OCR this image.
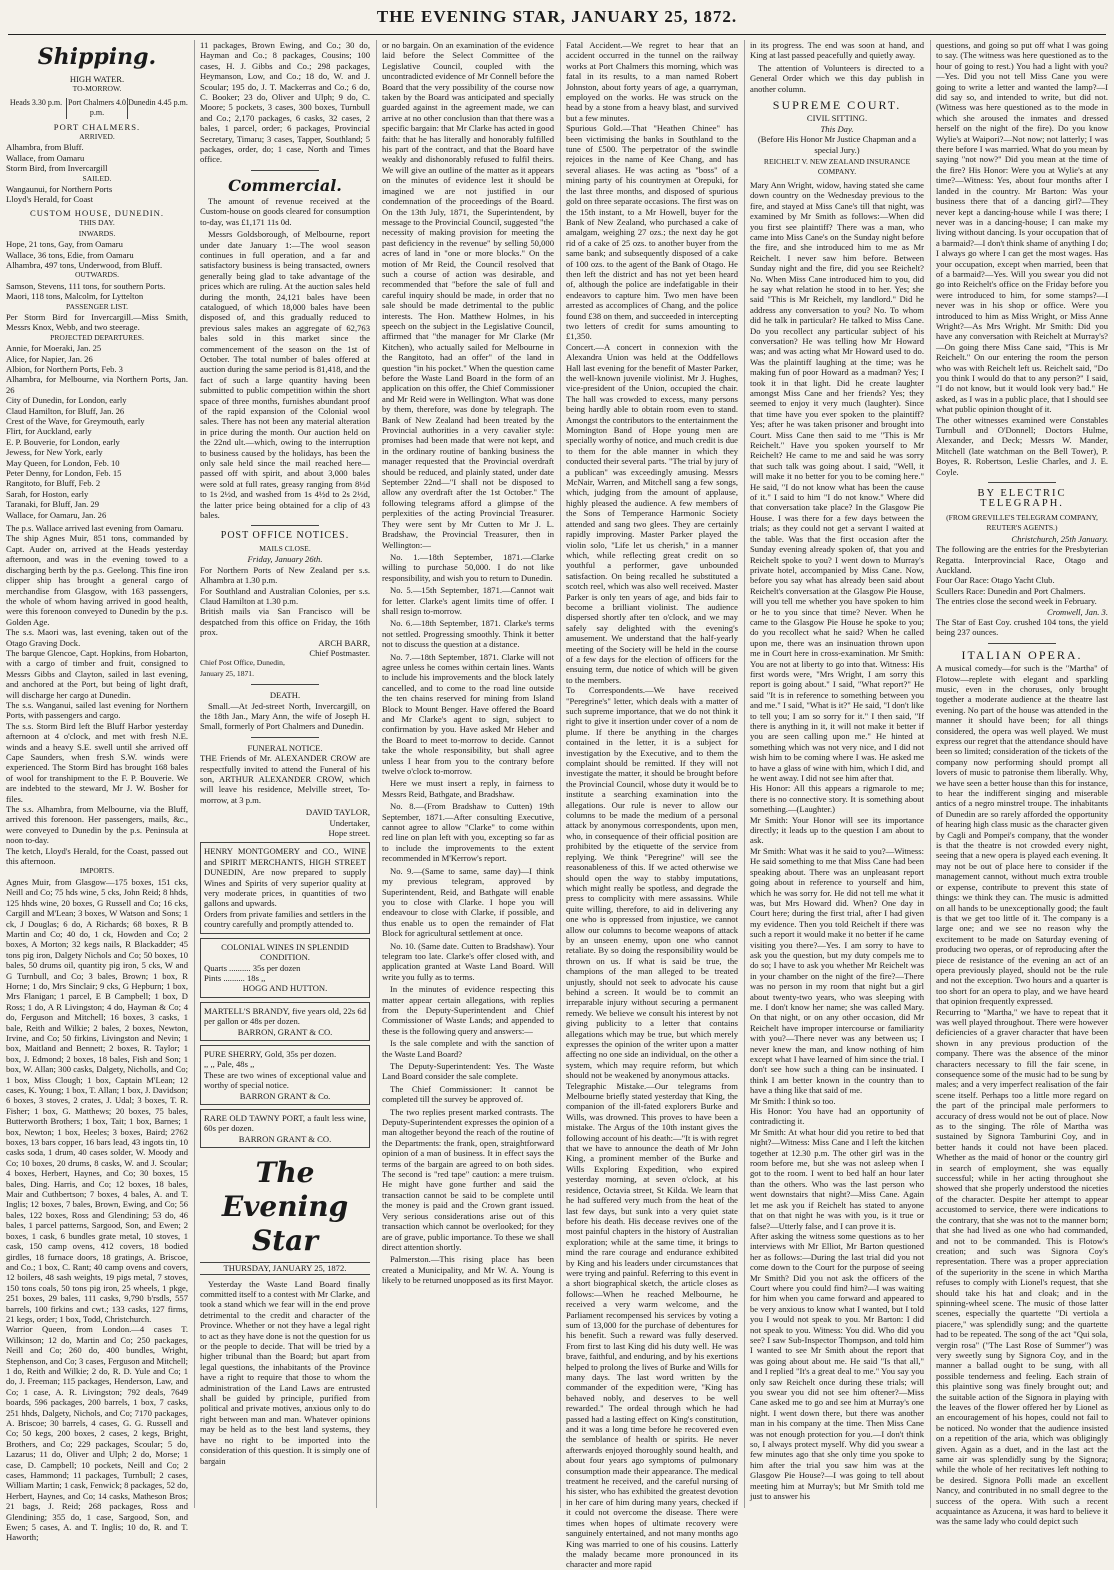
THE EVENING STAR, JANUARY 25, 1872.
Shipping.
HIGH WATER.
TO-MORROW.
Heads 3.30 p.m. Port Chalmers 4.0 p.m.
Dunedin 4.45 p.m.
PORT CHALMERS.
ARRIVED.
Alhambra, from Bluff.
Wallace, from Oamaru
Storm Bird, from Invercargill
SAILED.
Wangaunui, for Northern Ports
Lloyd's Herald, for Coast
CUSTOM HOUSE, DUNEDIN.
THIS DAY.
INWARDS.
Hope, 21 tons, Gay, from Oamaru
Wallace, 36 tons, Edie, from Oamaru
Alhambra, 497 tons, Underwood, from Bluff.
OUTWARDS.
Samson, Stevens, 111 tons, for southern Ports.
Maori, 118 tons, Malcolm, for Lyttelton
PASSENGER LIST.
Per Storm Bird for Invercargill.—Miss Smith, Messrs Knox, Webb, and two steerage.
PROJECTED DEPARTURES.
Annie, for Moeraki, Jan. 25
Alice, for Napier, Jan. 26
Albion, for Northern Ports, Feb. 3
Alhambra, for Melbourne, via Northern Ports, Jan. 26
City of Dunedin, for London, early
Claud Hamilton, for Bluff, Jan. 26
Crest of the Wave, for Greymouth, early
Flirt, for Auckland, early
E. P. Bouverie, for London, early
Jewess, for New York, early
May Queen, for London, Feb. 10
Peter Denny, for London, Feb. 15
Rangitoto, for Bluff, Feb. 2
Sarah, for Hoston, early
Taranaki, for Bluff, Jan. 29
Wallace, for Oamaru, Jan. 26
The p.s. Wallace arrived last evening from Oamaru.
The ship Agnes Muir, 851 tons, commanded by Capt. Auder on, arrived at the Heads yesterday afternoon, and was in the evening towed to a discharging berth by the p.s. Geelong. This fine iron clipper ship has brought a general cargo of merchandise from Glasgow, with 163 passengers, the whole of whom having arrived in good health, were this forenoon conveyed to Dunedin by the p.s. Golden Age.
The s.s. Maori was, last evening, taken out of the Otago Graving Dock.
The barque Glencoe, Capt. Hopkins, from Hobarton, with a cargo of timber and fruit, consigned to Messrs Gibbs and Clayton, sailed in last evening, and anchored at the Port, but being of light draft, will discharge her cargo at Dunedin.
The s.s. Wanganui, sailed last evening for Northern Ports, with passengers and cargo.
The s.s. Storm Bird left the Bluff Harbor yesterday afternoon at 4 o'clock, and met with fresh N.E. winds and a heavy S.E. swell until she arrived off Cape Saunders, when fresh S.W. winds were experienced. The Storm Bird has brought 168 bales of wool for transhipment to the F. P. Bouverie. We are indebted to the steward, Mr J. W. Bosher for files.
The s.s. Alhambra, from Melbourne, via the Bluff, arrived this forenoon. Her passengers, mails, &c., were conveyed to Dunedin by the p.s. Peninsula at noon to-day.
The ketch, Lloyd's Herald, for the Coast, passed out this afternoon.
IMPORTS.
Agnes Muir, from Glasgow—175 boxes, 151 cks, Neill and Co; 75 hds wine, 5 cks, John Reid; 8 hhds, 125 hhds wine, 20 boxes, G Russell and Co; 16 cks, Cargill and M'Lean; 3 boxes, W Watson and Sons; 1 ck, J Douglas; 6 do, A Richards; 68 boxes, R B Martin and Co; 40 do, 1 ck, Howden and Co; 2 boxes, A Morton; 32 kegs nails, R Blackadder; 45 tons pig iron, Dalgety Nichols and Co; 50 boxes, 10 bales, 50 drums oil, quantity pig iron, 5 cks, W and G Turnbull, and Co; 3 bales, Brown; 1 box, R Horne; 1 do, Mrs Sinclair; 9 cks, G Hepburn; 1 box, Mrs Flanigan; 1 parcel, E B Campbell; 1 box, D Ross; 1 do, A R Livingston; 4 do, Hayman & Co; 4 do, Ferguson and Mitchell; 16 boxes, 3 casks, 1 bale, Reith and Wilkie; 2 bales, 2 boxes, Newton, Irvine, and Co; 50 firkins, Livingston and Nevin; 1 box, Maitland and Bennett; 2 boxes, R. Taylor; 1 box, J. Edmond; 2 boxes, 18 bales, Fish and Son; 1 box, W. Allan; 300 casks, Dalgety, Nicholls, and Co; 1 box, Miss Clough; 1 box, Captain M'Lean; 12 cases, K. Young; 1 box, T. Allan; 1 box, J. Davidson; 6 boxes, 3 stoves, 2 crates, J. Udal; 3 boxes, T. R. Fisher; 1 box, G. Matthews; 20 boxes, 75 bales, Butterworth Brothers; 1 box, Tait; 1 box, Barnes; 1 box, Newton; 1 box, Heeles; 3 boxes, Baird; 2762 boxes, 13 bars copper, 16 bars lead, 43 ingots tin, 10 casks soda, 1 drum, 40 cases solder, W. Moody and Co; 10 boxes, 20 drums, 8 casks, W. and J. Scoular; 4 boxes, Herbert, Haynes, and Co; 30 boxes, 15 bales, Ding. Harris, and Co; 12 boxes, 18 bales, Mair and Cuthbertson; 7 boxes, 4 bales, A. and T. Inglis; 12 boxes, 7 bales, Brown, Ewing, and Co; 56 bales, 122 boxes, Ross and Glendining; 53 do, 46 bales, 1 parcel patterns, Sargood, Son, and Ewen; 2 boxes, 1 cask, 6 bundles grate metal, 10 stoves, 1 cask, 150 camp ovens, 412 covers, 18 bodied girdles, 18 furnace doors, 18 gratings, A. Briscoe, and Co.; 1 box, C. Rant; 40 camp ovens and covers, 12 boilers, 48 sash weights, 19 pigs metal, 7 stoves, 150 tons coals, 50 tons pig iron, 25 wheels, 1 pkge, 251 boxes, 29 bales, 111 casks, 9,790 b'rsdls, 557 barrels, 100 firkins and cwt.; 133 casks, 127 firms, 21 kegs, order; 1 box, Todd, Christchurch.
Warrior Queen, from London.—4 cases T. Wilkinson; 12 do, Martin and Co; 250 packages, Neill and Co; 260 do, 400 bundles, Wright, Stephenson, and Co; 3 cases, Ferguson and Mitchell; 1 do, Reith and Wilkie; 2 do, R. D. Yule and Co; 1 do, J. Freeman; 115 packages, Henderson, Law, and Co; 1 case, A. R. Livingston; 792 deals, 7649 boards, 596 packages, 200 barrels, 1 box, 7 casks, 251 hhds, Dalgety, Nichols, and Co; 7170 packages, A. Briscoe; 30 barrels, 4 cases, G. G. Russell and Co; 50 kegs, 200 boxes, 2 cases, 2 kegs, Bright, Brothers, and Co; 229 packages, Scoular; 5 do, Lazarus; 11 do, Oliver and Ulph; 2 do, Morse; 1 case, D. Campbell; 10 pockets, Neill and Co; 2 cases, Hammond; 11 packages, Turnbull; 2 cases, William Martin; 1 cask, Fenwick; 8 packages, 52 do, Herbert, Haynes, and Co; 14 casks, Matheson Bros; 21 bags, J. Reid; 268 packages, Ross and Glendining; 355 do, 1 case, Sargood, Son, and Ewen; 5 cases, A. and T. Inglis; 10 do, R. and T. Haworth;
11 packages, Brown Ewing, and Co.; 30 do, Hayman and Co.; 8 packages, Cousins; 100 cases, H. J. Gibbs and Co.; 298 packages, Heymanson, Low, and Co.; 18 do, W. and J. Scoular; 195 do, J. T. Mackerras and Co.; 6 do, C. Booker; 23 do, Oliver and Ulph; 9 do, C. Moore; 5 pockets, 3 cases, 300 boxes, Turnbull and Co.; 2,170 packages, 6 casks, 32 cases, 2 bales, 1 parcel, order; 6 packages, Provincial Secretary, Timaru; 3 cases, Tapper, Southland; 5 packages, order, do; 1 case, North and Times office.
Commercial.

The amount of revenue received at the Custom-house on goods cleared for consumption to-day, was £1,171 11s 0d.

Messrs Goldsborough, of Melbourne, report under date January 1:—The wool season continues in full operation, and a far and satisfactory business is being transacted, owners generally being glad to take advantage of the prices which are ruling. At the auction sales held during the month, 24,121 bales have been catalogued, of which 18,000 bales have been disposed of, and this gradually reduced to previous sales makes an aggregate of 62,763 bales sold in this market since the commencement of the season on the 1st of October. The total number of bales offered at auction during the same period is 81,418, and the fact of such a large quantity having been submitted to public competition within the short space of three months, furnishes abundant proof of the rapid expansion of the Colonial wool sales. There has not been any material alteration in price during the month. Our auction held on the 22nd ult.—which, owing to the interruption to business caused by the holidays, has been the only sale held since the mail reached here—passed off with spirit, and about 3,000 bales were sold at full rates, greasy ranging from 8½d to 1s 2½d, and washed from 1s 4½d to 2s 2½d, the latter price being obtained for a clip of 43 bales.

POST OFFICE NOTICES.
MAILS CLOSE.
Friday, January 26th.
For Northern Ports of New Zealand per s.s. Alhambra at 1.30 p.m.
For Southland and Australian Colonies, per s.s. Claud Hamilton at 1.30 p.m.
British mails via San Francisco will be despatched from this office on Friday, the 16th prox.
ARCH BARR,
Chief Postmaster.
Chief Post Office, Dunedin,
January 25, 1871.
DEATH.

Small.—At Jed-street North, Invercargill, on the 18th Jan., Mary Ann, the wife of Joseph H. Small, formerly of Port Chalmers and Dunedin.

FUNERAL NOTICE.

THE Friends of Mr. ALEXANDER CROW are respectfully invited to attend the Funeral of his son, ARTHUR ALEXANDER CROW, which will leave his residence, Melville street, To-morrow, at 3 p.m.

DAVID TAYLOR,
Undertaker,
Hope street.
HENRY MONTGOMERY and CO., WINE and SPIRIT MERCHANTS, HIGH STREET DUNEDIN, Are now prepared to supply Wines and Spirits of very superior quality at very moderate prices, in quantities of two gallons and upwards.
Orders from private families and settlers in the country carefully and promptly attended to.
COLONIAL WINES IN SPLENDID CONDITION.
Quarts .......... 35s per dozen
Pints .......... 18s ,,
HOGG AND HUTTON.
MARTELL'S BRANDY, five years old, 22s 6d per gallon or 48s per dozen.
BARRON, GRANT & CO.
PURE SHERRY, Gold, 35s per dozen.
,, ,, Pale, 48s ,,
These are two wines of exceptional value and worthy of special notice.
BARRON GRANT & Co.
RARE OLD TAWNY PORT, a fault less wine, 60s per dozen.
BARRON GRANT & CO.
The Evening Star
THURSDAY, JANUARY 25, 1872.

Yesterday the Waste Land Board finally committed itself to a contest with Mr Clarke, and took a stand which we fear will in the end prove detrimental to the credit and character of the Province. Whether or not they have a legal right to act as they have done is not the question for us or the people to decide. That will be tried by a higher tribunal than the Board; but apart from legal questions, the inhabitants of the Province have a right to require that those to whom the administration of the Land Laws are entrusted shall be guided by principle, purified from political and private motives, anxious only to do right between man and man. Whatever opinions may be held as to the best land systems, they have no right to be imported into the consideration of this question. It is simply one of bargain

or no bargain. On an examination of the evidence laid before the Select Committee of the Legislative Council, coupled with the uncontradicted evidence of Mr Connell before the Board that the very possibility of the course now taken by the Board was anticipated and specially guarded against in the agreement made, we can arrive at no other conclusion than that there was a specific bargain: that Mr Clarke has acted in good faith: that he has literally and honorably fulfilled his part of the contract, and that the Board have weakly and dishonorably refused to fulfil theirs. We will give an outline of the matter as it appears on the minutes of evidence lest it should be imagined we are not justified in our condemnation of the proceedings of the Board. On the 13th July, 1871, the Superintendent, by message to the Provincial Council, suggested "the necessity of making provision for meeting the past deficiency in the revenue" by selling 50,000 acres of land in "one or more blocks." On the motion of Mr Reid, the Council resolved that such a course of action was desirable, and recommended that "before the sale of full and careful inquiry should be made, in order that no sale should be made detrimental to the public interests. The Hon. Matthew Holmes, in his speech on the subject in the Legislative Council, affirmed that "the manager for Mr Clarke (Mr Kitchen), who actually sailed for Melbourne in the Rangitoto, had an offer" of the land in question "in his pocket." When the question came before the Waste Land Board in the form of an application on this offer, the Chief Commissioner and Mr Reid were in Wellington. What was done by them, therefore, was done by telegraph. The Bank of New Zealand had been treated by the Provincial authorities in a very cavalier style: promises had been made that were not kept, and in the ordinary routine of banking business the manager requested that the Provincial overdraft should be reduced, and plainly stated, under date September 22nd—"I shall not be disposed to allow any overdraft after the 1st October." The following telegrams afford a glimpse of the perplexities of the acting Provincial Treasurer. They were sent by Mr Cutten to Mr J. L. Bradshaw, the Provincial Treasurer, then in Wellington:—

No. 1.—18th September, 1871.—Clarke willing to purchase 50,000. I do not like responsibility, and wish you to return to Dunedin.

No. 5.—15th September, 1871.—Cannot wait for letter. Clarke's agent limits time of offer. I shall resign to-morrow.

No. 6.—18th September, 1871. Clarke's terms not settled. Progressing smoothly. Think it better not to discuss the question at a distance.

No. 7.—18th September, 1871. Clarke will not agree unless he comes within certain lines. Wants to include his improvements and the block lately cancelled, and to come to the road line outside the ten chains reserved for mining from Island Block to Mount Benger. Have offered the Board and Mr Clarke's agent to sign, subject to confirmation by you. Have asked Mr Heber and the Board to meet to-morrow to decide. Cannot take the whole responsibility, but shall agree unless I hear from you to the contrary before twelve o'clock to-morrow.

Here we must insert a reply, in fairness to Messrs Reid, Bathgate, and Bradshaw.

No. 8.—(From Bradshaw to Cutten) 19th September, 1871.—After consulting Executive, cannot agree to allow "Clarke" to come within red line on plan left with you, excepting so far as to include the improvements to the extent recommended in M'Kerrow's report.

No. 9.—(Same to same, same day)—I think my previous telegram, approved by Superintendent, Reid, and Bathgate will enable you to close with Clarke. I hope you will endeavour to close with Clarke, if possible, and thus enable us to open the remainder of Flat Block for agricultural settlement at once.

No. 10. (Same date. Cutten to Bradshaw). Your telegram too late. Clarke's offer closed with, and application granted at Waste Land Board. Will write you fully as to terms.

In the minutes of evidence respecting this matter appear certain allegations, with replies from the Deputy-Superintendent and Chief Commissioner of Waste Lands; and appended to these is the following query and answers:—

Is the sale complete and with the sanction of the Waste Land Board?

The Deputy-Superintendent: Yes. The Waste Land Board consider the sale complete.

The Chief Commissioner: It cannot be completed till the survey be approved of.

The two replies present marked contrasts. The Deputy-Superintendent expresses the opinion of a man altogether beyond the reach of the routine of the Departments: the frank, open, straightforward opinion of a man of business. It in effect says the terms of the bargain are agreed to on both sides. The second is "red tape" caution: a mere truism. He might have gone further and said the transaction cannot be said to be complete until the money is paid and the Crown grant issued. Very serious considerations arise out of this transaction which cannot be overlooked; for they are of grave, public importance. To these we shall direct attention shortly.

Palmerston.—This rising place has been created a Municipality, and Mr W. A. Young is likely to be returned unopposed as its first Mayor.

Fatal Accident.—We regret to hear that an accident occurred in the tunnel on the railway works at Port Chalmers this morning, which was fatal in its results, to a man named Robert Johnston, about forty years of age, a quarryman, employed on the works. He was struck on the head by a stone from a heavy blast, and survived but a few minutes.
Spurious Gold.—That "Heathen Chinee" has been victimising the banks in Southland to the tune of £500. The perpetrator of the swindle rejoices in the name of Kee Chang, and has several aliases. He was acting as "boss" of a mining party of his countrymen at Orepuki, for the last three months, and disposed of spurious gold on three separate occasions. The first was on the 15th instant, to a Mr Howell, buyer for the Bank of New Zealand, who purchased a cake of amalgam, weighing 27 ozs.; the next day he got rid of a cake of 25 ozs. to another buyer from the same bank; and subsequently disposed of a cake of 100 ozs. to the agent of the Bank of Otago. He then left the district and has not yet been heard of, although the police are indefatigable in their endeavors to capture him. Two men have been arrested as accomplices of Chang, and the police found £38 on them, and succeeded in intercepting two letters of credit for sums amounting to £1,350.
Concert.—A concert in connexion with the Alexandra Union was held at the Oddfellows Hall last evening for the benefit of Master Parker, the well-known juvenile violinist. Mr J. Hughes, vice-president of the Union, occupied the chair. The hall was crowded to excess, many persons being hardly able to obtain room even to stand. Amongst the contributors to the entertainment the Mornington Band of Hope young men are specially worthy of notice, and much credit is due to them for the able manner in which they conducted their several parts. "The trial by jury of a publican" was exceedingly amusing. Messrs McNair, Warren, and Mitchell sang a few songs, which, judging from the amount of applause, highly pleased the audience. A few members of the Sons of Temperance Harmonic Society attended and sang two glees. They are certainly rapidly improving. Master Parker played the violin solo, "Life let us cherish," in a manner which, while reflecting great credit on so youthful a performer, gave unbounded satisfaction. On being recalled he substituted a scotch reel, which was also well received. Master Parker is only ten years of age, and bids fair to become a brilliant violinist. The audience dispersed shortly after ten o'clock, and we may safely say delighted with the evening's amusement. We understand that the half-yearly meeting of the Society will be held in the course of a few days for the election of officers for the ensuing term, due notice of which will be given to the members.
To Correspondents.—We have received "Peregrine's" letter, which deals with a matter of such supreme importance, that we do not think it right to give it insertion under cover of a nom de plume. If there be anything in the charges contained in the letter, it is a subject for investigation by the Executive, and to them the complaint should be remitted. If they will not investigate the matter, it should be brought before the Provincial Council, whose duty it would be to institute a searching examination into the allegations. Our rule is never to allow our columns to be made the medium of a personal attack by anonymous correspondents, upon men, who, in consequence of their official position are prohibited by the etiquette of the service from replying. We think "Peregrine" will see the reasonableness of this. If we acted otherwise we should open the way to stabby imputations, which might really be spotless, and degrade the press to complicity with mere assassins. While quite willing, therefore, to aid in delivering any one who is oppressed from injustice, we cannot allow our columns to become weapons of attack by an unseen enemy, upon one who cannot retaliate. By so doing the responsibility would be thrown on us. If what is said be true, the champions of the man alleged to be treated unjustly, should not seek to advocate his cause behind a screen. It would be to commit an irreparable injury without securing a permanent remedy. We believe we consult his interest by not giving publicity to a letter that contains allegations which may be true, but which merely expresses the opinion of the writer upon a matter affecting no one side an individual, on the other a system, which may require reform, but which should not be weakened by anonymous attacks.
Telegraphic Mistake.—Our telegrams from Melbourne briefly stated yesterday that King, the companion of the ill-fated explorers Burke and Wills, was drowned. This proves to have been a mistake. The Argus of the 10th instant gives the following account of his death:—"It is with regret that we have to announce the death of Mr John King, a prominent member of the Burke and Wills Exploring Expedition, who expired yesterday morning, at seven o'clock, at his residence, Octavia street, St Kilda. We learn that he had suffered very much from the heat of the last few days, but sunk into a very quiet state before his death. His decease revives one of the most painful chapters in the history of Australian exploration; while at the same time, it brings to mind the rare courage and endurance exhibited by King and his leaders under circumstances that were trying and painful. Referring to this event in a short biographical sketch, the article closes as follows:—When he reached Melbourne, he received a very warm welcome, and the Parliament recompensed his services by voting a sum of 13,000 for the purchase of debentures for his benefit. Such a reward was fully deserved. From first to last King did his duty well. He was brave, faithful, and enduring, and by his exertions helped to prolong the lives of Burke and Wills for many days. The last word written by the commander of the expedition were, "King has behaved nobly, and deserves to be well rewarded." The ordeal through which he had passed had a lasting effect on King's constitution, and it was a long time before he recovered even the semblance of health or spirits. He never afterwards enjoyed thoroughly sound health, and about four years ago symptoms of pulmonary consumption made their appearance. The medical treatment he received, and the careful nursing of his sister, who has exhibited the greatest devotion in her care of him during many years, checked if it could not overcome the disease. There were times when hopes of ultimate recovery were sanguinely entertained, and not many months ago King was married to one of his cousins. Latterly the malady became more pronounced in its character and more rapid

in its progress. The end was soon at hand, and King at last passed peacefully and quietly away.

The attention of Volunteers is directed to a General Order which we this day publish in another column.

SUPREME COURT.
CIVIL SITTING.
This Day.
(Before His Honor Mr Justice Chapman and a special Jury.)
REICHELT V. NEW ZEALAND INSURANCE COMPANY.
Mary Ann Wright, widow, having stated she came down country on the Wednesday previous to the fire, and stayed at Miss Cane's till that night, was examined by Mr Smith as follows:—When did you first see plaintiff? There was a man, who came into Miss Cane's on the Sunday night before the fire, and she introduced him to me as Mr Reichelt. I never saw him before. Between Sunday night and the fire, did you see Reichelt? No. When Miss Cane introduced him to you, did he say what relation he stood in to her. Yes; she said "This is Mr Reichelt, my landlord." Did he address any conversation to you? No. To whom did he talk in particular? He talked to Miss Cane. Do you recollect any particular subject of his conversation? He was telling how Mr Howard was; and was acting what Mr Howard used to do. Was the plaintiff laughing at the time; was he making fun of poor Howard as a madman? Yes; I took it in that light. Did he create laughter amongst Miss Cane and her friends? Yes; they seemed to enjoy it very much (laughter). Since that time have you ever spoken to the plaintiff? Yes; after he was taken prisoner and brought into Court. Miss Cane then said to me "This is Mr Reichelt." Have you spoken yourself to Mr Reichelt? He came to me and said he was sorry that such talk was going about. I said, "Well, it will make it no better for you to be coming here." He said, "I do not know what has been the cause of it." I said to him "I do not know." Where did that conversation take place? In the Glasgow Pie House. I was there for a few days between the trials; as they could not get a servant I waited at the table. Was that the first occasion after the Sunday evening already spoken of, that you and Reichelt spoke to you? I went down to Murray's private hotel, accompanied by Miss Cane. Now, before you say what has already been said about Reichelt's conversation at the Glasgow Pie House, will you tell me whether you have spoken to him or he to you since that time? Never. When he came to the Glasgow Pie House he spoke to you; do you recollect what he said? When he called upon me, there was an insinuation thrown upon me in Court here in cross-examination. Mr Smith: You are not at liberty to go into that. Witness: His first words were, "Mrs Wright, I am sorry this report is going about." I said, "What report?" He said "It is in reference to something between you and me." I said, "What is it?" He said, "I don't like to tell you; I am so sorry for it." I then said, "If there is anything in it, it will not make it better if you are seen calling upon me." He hinted at something which was not very nice, and I did not wish him to be coming where I was. He asked me to have a glass of wine with him, which I did, and he went away. I did not see him after that.
His Honor: All this appears a rigmarole to me; there is no connective story. It is something about something.—(Laughter.)
Mr Smith: Your Honor will see its importance directly; it leads up to the question I am about to ask.
Mr Smith: What was it he said to you?—Witness: He said something to me that Miss Cane had been speaking about. There was an unpleasant report going about in reference to yourself and him, which he was sorry for. He did not tell me what it was, but Mrs Howard did. When? One day in Court here; during the first trial, after I had given my evidence. Then you told Reichelt if there was such a report it would make it no better if he came visiting you there?—Yes. I am sorry to have to ask you the question, but my duty compels me to do so; I have to ask you whether Mr Reichelt was in your chamber on the night of the fire?—There was no person in my room that night but a girl about twenty-two years, who was sleeping with me. I don't know her name; she was called Mary. On that night, or on any other occasion, did Mr Reichelt have improper intercourse or familiarity with you?—There never was any between us; I never knew the man, and know nothing of him except what I have learned of him since the trial. I don't see how such a thing can be insinuated. I think I am better known in the country than to have a thing like that said of me.
Mr Smith: I think so too.
His Honor: You have had an opportunity of contradicting it.
Mr Smith: At what hour did you retire to bed that night?—Witness: Miss Cane and I left the kitchen together at 12.30 p.m. The other girl was in the room before me, but she was not asleep when I got to the room. I went to bed half an hour later than the others. Who was the last person who went downstairs that night?—Miss Cane. Again let me ask you if Reichelt has stated to anyone that on that night he was with you, is it true or false?—Utterly false, and I can prove it is.
After asking the witness some questions as to her interviews with Mr Elliot, Mr Barton questioned her as follows:—During the last trial did you not come down to the Court for the purpose of seeing Mr Smith? Did you not ask the officers of the Court where you could find him?—I was waiting for him when you came forward and appeared to be very anxious to know what I wanted, but I told you I would not speak to you. Mr Barton: I did not speak to you. Witness: You did. Who did you see? I saw Sub-Inspector Thompson, and told him I wanted to see Mr Smith about the report that was going about about me. He said "Is that all," and I replied "It's a great deal to me." You say you only saw Reichelt once during these trials; will you swear you did not see him oftener?—Miss Cane asked me to go and see him at Murray's one night. I went down there, but there was another man in his company at the time. Then Miss Cane was not enough protection for you.—I don't think so, I always protect myself. Why did you swear a few minutes ago that she only time you spoke to him after the trial you saw him was at the Glasgow Pie House?—I was going to tell about meeting him at Murray's; but Mr Smith told me just to answer his
questions, and going so put off what I was going to say. (The witness was here questioned as to the hour of going to rest.) You had a light with you?—Yes. Did you not tell Miss Cane you were going to write a letter and wanted the lamp?—I did say so, and intended to write, but did not. (Witness was here questioned as to the mode in which she aroused the inmates and dressed herself on the night of the fire). Do you know Wylie's at Waipori?—Not now; not latterly; I was there before I was married. What do you mean by saying "not now?" Did you mean at the time of the fire? His Honor: Were you at Wylie's at any time?—Witness: Yes, about four months after I landed in the country. Mr Barton: Was your business there that of a dancing girl?—They never kept a dancing-house while I was there; I never was in a dancing-house; I can make my living without dancing. Is your occupation that of a barmaid?—I don't think shame of anything I do; I always go where I can get the most wages. Has your occupation, except when married, been that of a barmaid?—Yes. Will you swear you did not go into Reichelt's office on the Friday before you were introduced to him, for some stamps?—I never was in his shop or office. Were you introduced to him as Miss Wright, or Miss Anne Wright?—As Mrs Wright. Mr Smith: Did you have any conversation with Reichelt at Murray's?—On going there Miss Cane said, "This is Mr Reichelt." On our entering the room the person who was with Reichelt left us. Reichelt said, "Do you think I would do that to any person?" I said, "I do not know, but it would look very bad." He asked, as I was in a public place, that I should see what public opinion thought of it.
The other witnesses examined were Constables Turnbull and O'Donnell; Doctors Hulme, Alexander, and Deck; Messrs W. Mander, Mitchell (late watchman on the Bell Tower), P. Boyes, R. Robertson, Leslie Charles, and J. E. Coyle.
BY ELECTRIC TELEGRAPH.
(FROM GREVILLE'S TELEGRAM COMPANY, REUTER'S AGENTS.)
Christchurch, 25th January.
The following are the entries for the Presbyterian Regatta. Interprovincial Race, Otago and Auckland.
Four Oar Race: Otago Yacht Club.
Scullers Race: Dunedin and Port Chalmers.
The entries close the second week in February.
Cromwell, Jan. 3.
The Star of East Coy. crushed 104 tons, the yield being 237 ounces.
ITALIAN OPERA.
A musical comedy—for such is the "Martha" of Flotow—replete with elegant and sparkling music, even in the choruses, only brought together a moderate audience at the theatre last evening. No part of the house was attended in the manner it should have been; for all things considered, the opera was well played. We must express our regret that the attendance should have been so limited; consideration of the tickets of the company now performing should prompt all lovers of music to patronise them liberally. Why, we have seen a better house than this for instance, to hear the indifferent singing and miserable antics of a negro minstrel troupe. The inhabitants of Dunedin are so rarely afforded the opportunity of hearing high class music as the character given by Cagli and Pompei's company, that the wonder is that the theatre is not crowded every night, seeing that a new opera is played each evening. It may not be out of place here to consider if the management cannot, without much extra trouble or expense, contribute to prevent this state of things: we think they can. The music is admitted on all hands to be unexceptionally good; the fault is that we get too little of it. The company is a large one; and we see no reason why the excitement to be made on Saturday evening of producing two operas, or of reproducing after the piece de resistance of the evening an act of an opera previously played, should not be the rule and not the exception. Two hours and a quarter is too short for an opera to play, and we have heard that opinion frequently expressed.
Recurring to "Martha," we have to repeat that it was well played throughout. There were however deficiencies of a graver character that have been shown in any previous production of the company. There was the absence of the minor characters necessary to fill the fair scene, in consequence some of the music had to be sung by males; and a very imperfect realisation of the fair scene itself. Perhaps too a little more regard on the part of the principal male performers to accuracy of dress would not be out of place. Now as to the singing. The rôle of Martha was sustained by Signora Tamburini Coy, and in better hands it could not have been placed. Whether as the maid of honor or the country girl in search of employment, she was equally successful; while in her acting throughout she showed that she properly understood the niceties of the character. Despite her attempt to appear accustomed to service, there were indications to the contrary, that she was not to the manner born; that she had lived as one who had commanded, and not to be commanded. This is Flotow's creation; and such was Signora Coy's representation. There was a proper appreciation of the superiority in the scene in which Martha refuses to comply with Lionel's request, that she should take his hat and cloak; and in the spinning-wheel scene. The music of those latter scenes, especially the quartette "Di vertiola a piacere," was splendidly sung; and the quartette had to be repeated. The song of the act "Qui sola, vergin rosa" ("The Last Rose of Summer") was very sweetly sung by Signora Coy, and in the manner a ballad ought to be sung, with all possible tenderness and feeling. Each strain of this plaintive song was finely brought out; and the suitable action of the Signora in playing with the leaves of the flower offered her by Lionel as an encouragement of his hopes, could not fail to be noticed. No wonder that the audience insisted on a repetition of the aria, which was obligingly given. Again as a duet, and in the last act the same air was splendidly sung by the Signora; while the whole of her recitatives left nothing to be desired. Signora Polli made an excellent Nancy, and contributed in no small degree to the success of the opera. With such a recent acquaintance as Azucena, it was hard to believe it was the same lady who could depict such
